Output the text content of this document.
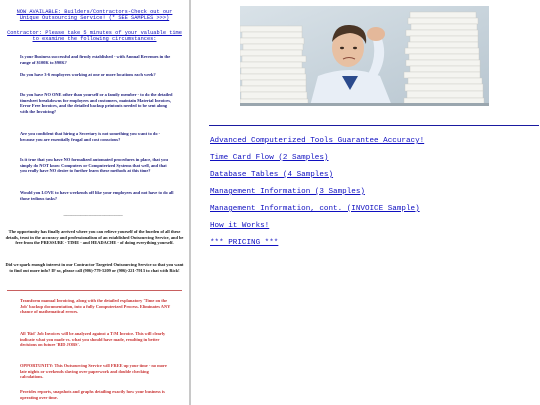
NOW AVAILABLE: Builders/Contractors-Check out our Unique Outsourcing Service! (* SEE SAMPLES >>>)
Contractor: Please take 5 minutes of your valuable time to examine the following circumstances:
Is your Business successful and firmly established - with Annual Revenues in the range of $100K to $90K?
Do you have 3-6 employees working at one or more locations each week?
Do you have NO ONE other than yourself or a family member - to do the detailed timesheet breakdowns for employees and customers, maintain Material Invoices, Error Free Invoices, and the detailed backup printouts needed to be sent along with the Invoicing?
Are you confident that hiring a Secretary is not something you want to do - because you are essentially frugal and cost conscious?
Is it true that you have NO formalized automated procedures in place, that you simply do NOT know Computers or Computerized Systems that well, and that you really have NO desire to further learn these methods at this time?
Would you LOVE to have weekends off like your employees and not have to do all those tedious tasks?
-----------------------------------------------
The opportunity has finally arrived where you can relieve yourself of the burden of all these details, trust in the accuracy and professionalism of an established Outsourcing Service, and be free from the PRESSURE - TIME - and HEADACHE - of doing everything yourself.
Did we spark enough interest in our Contractor Targeted Outsourcing Service so that you want to find out more info? IF so, please call (906)-779-5209 or (906)-221-7913 to chat with Rick!
Transform manual Invoicing, along with the detailed explanatory 'Time on the Job' backup documentation, into a fully Computerized Process. Eliminates ANY chance of mathematical errors.
All 'Bid' Job Invoices will be analyzed against a T/M Invoice. This will clearly indicate what you made vs. what you should have made, resulting in better decisions on future 'BID JOBS'.
OPPORTUNITY: This Outsourcing Service will FREE up your time - no more late nights or weekends slaving over paperwork and double checking calculations.
Provides reports, snapshots and graphs detailing exactly how your business is operating over time.
Advanced Computerized Tools Guarantee Accuracy!
Time Card Flow (2 Samples)
Database Tables (4 Samples)
Management Information (3 Samples)
Management Information, cont. (INVOICE Sample)
How it Works!
*** PRICING ***
